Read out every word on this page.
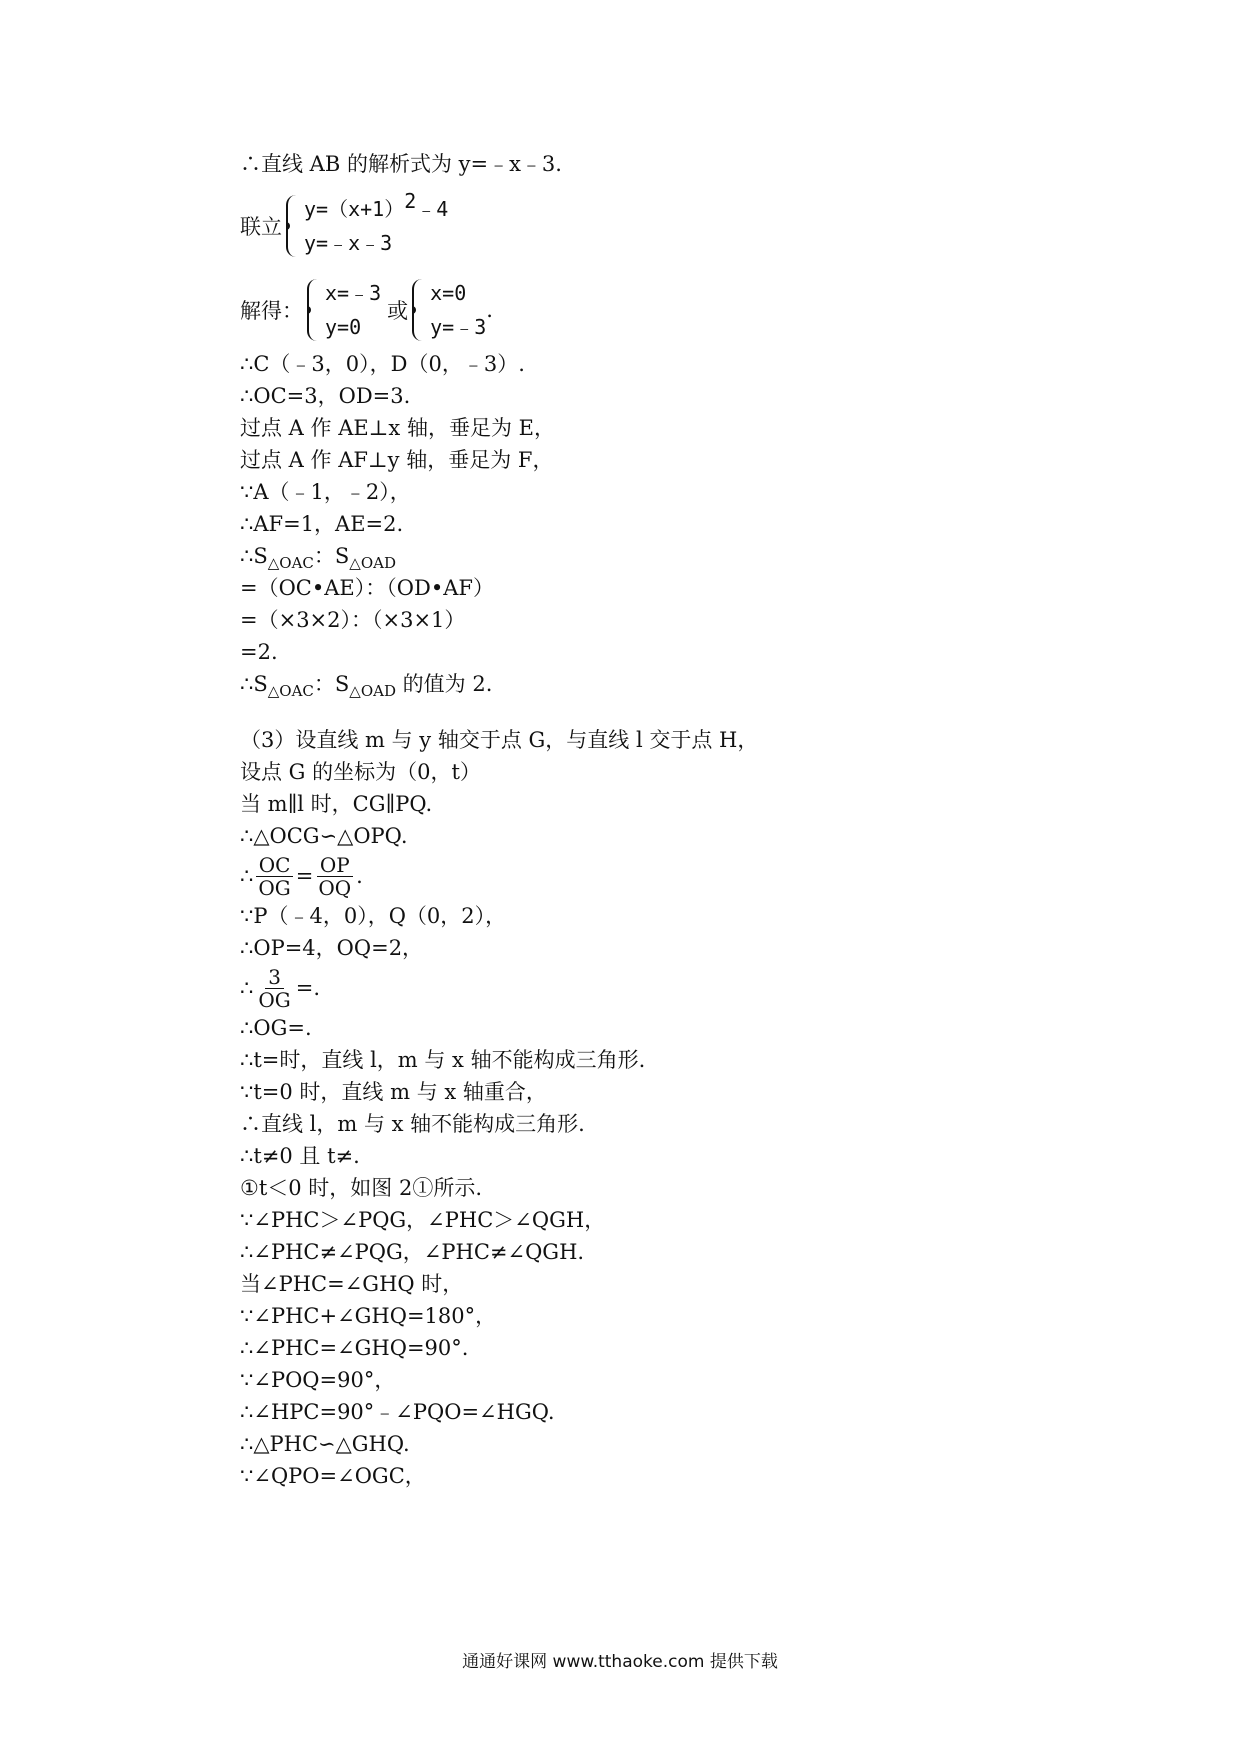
∴直线 AB 的解析式为 y=﹣x﹣3.
联立
y=（x+1）2﹣4
y=﹣x﹣3
解得：
x=﹣3
y=0
或
x=0
y=﹣3
.
∴C（﹣3，0），D（0，﹣3）.
∴OC=3，OD=3.
过点 A 作 AE⊥x 轴，垂足为 E，
过点 A 作 AF⊥y 轴，垂足为 F，
∵A（﹣1，﹣2），
∴AF=1，AE=2.
$\therefore S_{\triangle OAC}$：$S_{\triangle OAD}$
=（OC•AE）：（OD•AF）
=（×3×2）：（×3×1）
=2.
$\therefore S_{\triangle OAC}$：$S_{\triangle OAD}$ 的值为 2.
（3）设直线 m 与 y 轴交于点 G，与直线 l 交于点 H，
设点 G 的坐标为（0，t）
当 m∥l 时，CG∥PQ.
∴△OCG∽△OPQ.
∴ $\frac{OC}{OG} = \frac{OP}{OQ}$ .
∵P（﹣4，0），Q（0，2），
∴OP=4，OQ=2，
∴ $\frac{3}{OG}$ =.
∴OG=.
∴t=时，直线 l，m 与 x 轴不能构成三角形.
∵t=0 时，直线 m 与 x 轴重合，
∴直线 l，m 与 x 轴不能构成三角形.
∴t≠0 且 t≠.
①t＜0 时，如图 2①所示.
∵∠PHC＞∠PQG，∠PHC＞∠QGH，
∴∠PHC≠∠PQG，∠PHC≠∠QGH.
当∠PHC=∠GHQ 时，
∵∠PHC+∠GHQ=180°，
∴∠PHC=∠GHQ=90°.
∵∠POQ=90°，
∴∠HPC=90°﹣∠PQO=∠HGQ.
∴△PHC∽△GHQ.
∵∠QPO=∠OGC，
通通好课网 www.tthaoke.com 提供下载
